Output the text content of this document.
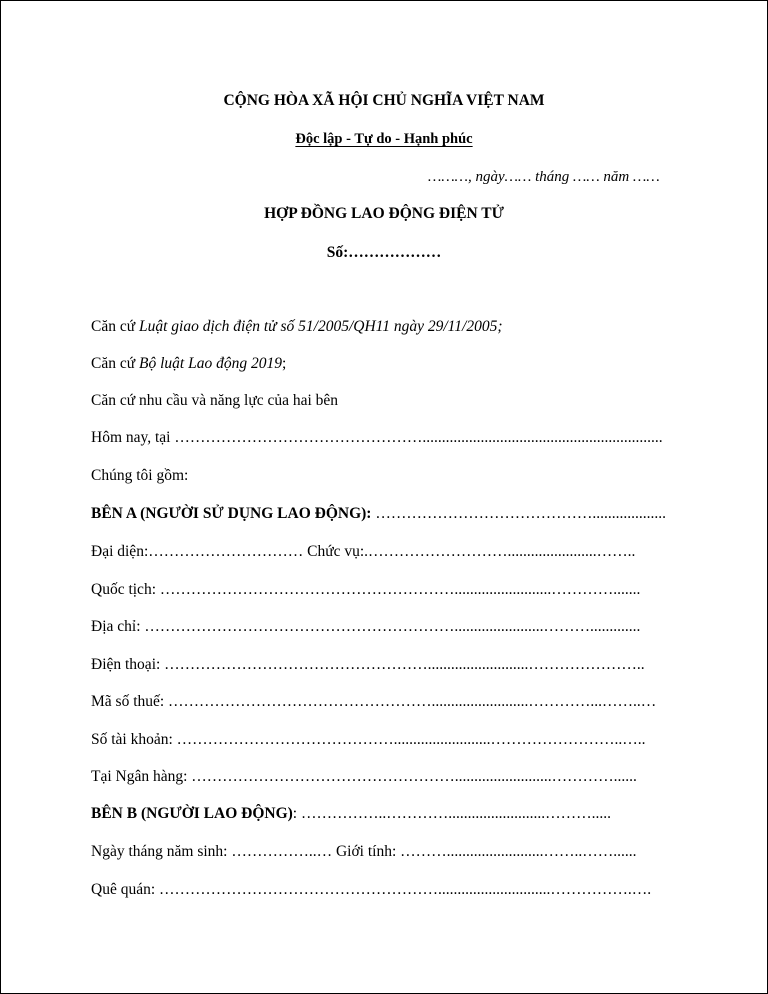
CỘNG HÒA XÃ HỘI CHỦ NGHĨA VIỆT NAM
Độc lập - Tự do - Hạnh phúc
………, ngày…… tháng …… năm ……
HỢP ĐỒNG LAO ĐỘNG ĐIỆN TỬ
Số:………………
Căn cứ Luật giao dịch điện tử số 51/2005/QH11 ngày 29/11/2005;
Căn cứ Bộ luật Lao động 2019;
Căn cứ nhu cầu và năng lực của hai bên
Hôm nay, tại …………………………………………..............................................................
Chúng tôi gồm:
BÊN A (NGƯỜI SỬ DỤNG LAO ĐỘNG): ……………………………………...................
Đại diện:………………………… Chức vụ:.……………………….......................……..
Quốc tịch: ………………………………………………….........................………….......
Địa chỉ: …………………………………………………….......................……….............
Điện thoại: ……………………………………………..........................…………………..
Mã số thuế: …………………………………………….........................…………...……..…
Số tài khoản: …………………………………….........................……………………..…..
Tại Ngân hàng: …………………………………………….........................…………......
BÊN B (NGƯỜI LAO ĐỘNG): ……………..………….........................……….....
Ngày tháng năm sinh: ……………..… Giới tính: ……….........................……..……......
Quê quán: ……………………………………………….............................…………….….
